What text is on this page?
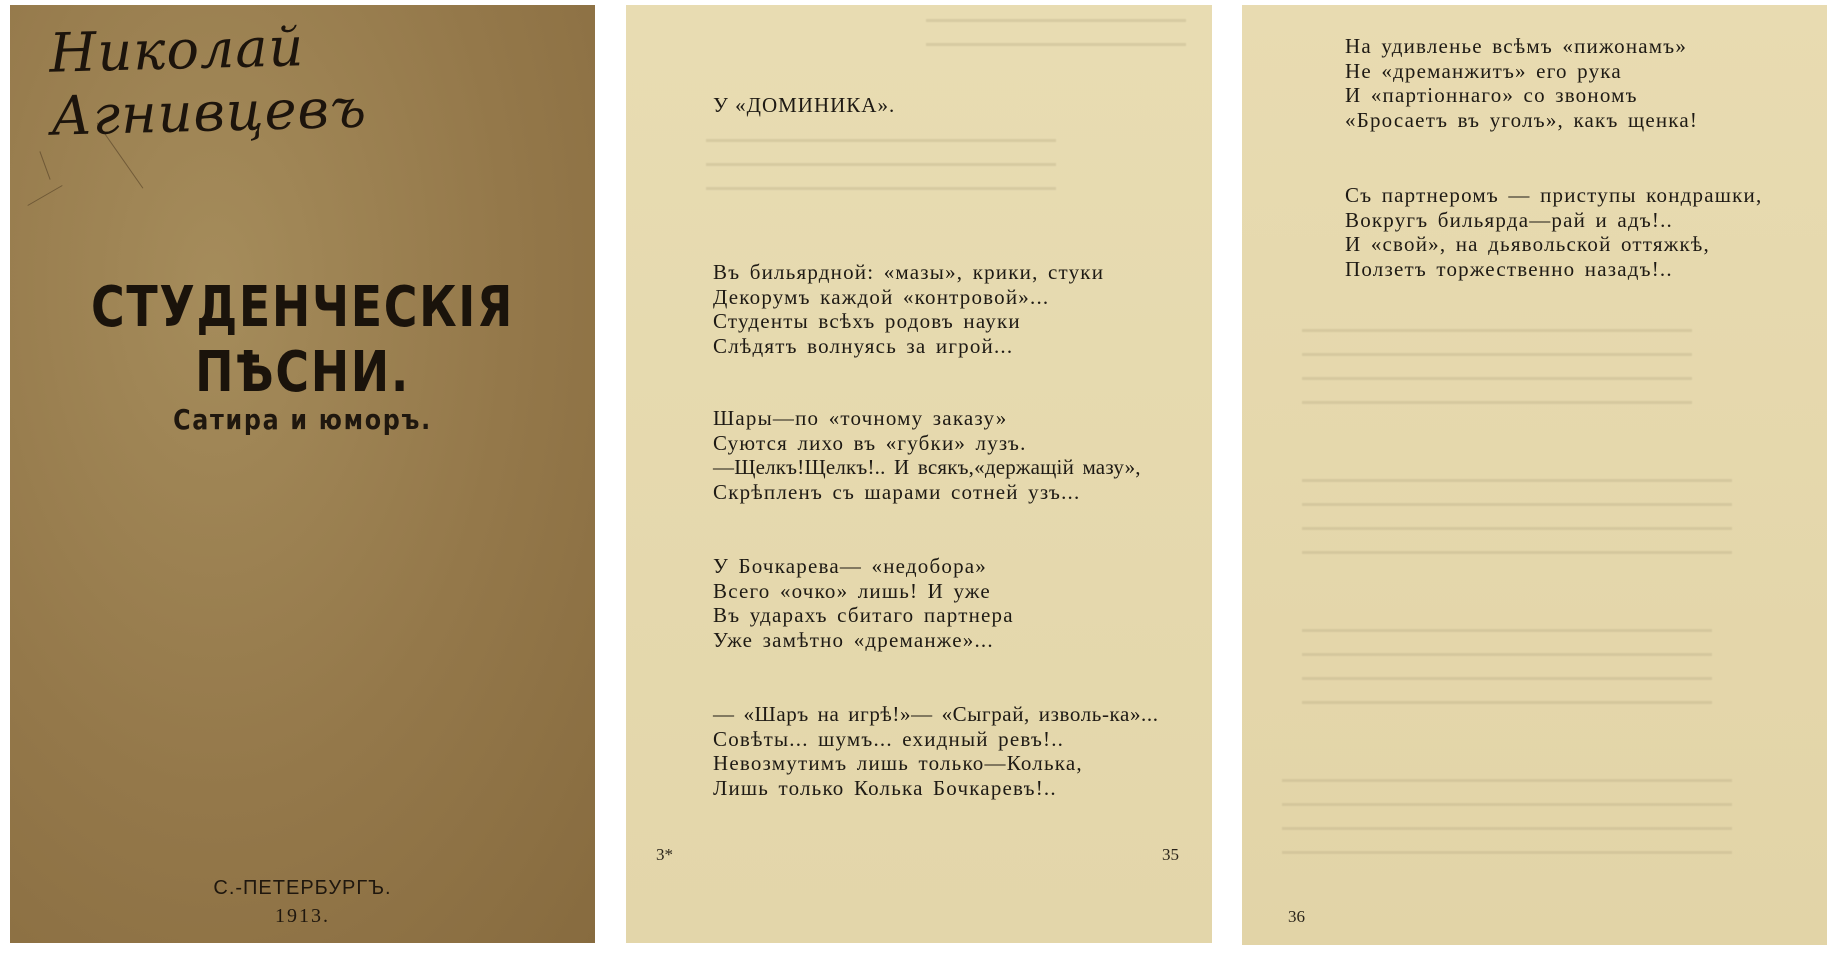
Николай Агнивцевъ
СТУДЕНЧЕСКІЯ ПѢСНИ.
Сатира и юморъ.
С.-ПЕТЕРБУРГЪ.
1913.
У «ДОМИНИКА».
Въ бильярдной: «мазы», крики, стуки
Декорумъ каждой «контровой»...
Студенты всѣхъ родовъ науки
Слѣдятъ волнуясь за игрой...
Шары—по «точному заказу»
Суются лихо въ «губки» лузъ.
—Щелкъ!Щелкъ!.. И всякъ,«держащій мазу»,
Скрѣпленъ съ шарами сотней узъ...
У Бочкарева— «недобора»
Всего «очко» лишь! И уже
Въ ударахъ сбитаго партнера
Уже замѣтно «дреманже»...
— «Шаръ на игрѣ!»— «Сыграй, изволь-ка»...
Совѣты... шумъ... ехидный ревъ!..
Невозмутимъ лишь только—Колька,
Лишь только Колька Бочкаревъ!..
3*	35
На удивленье всѣмъ «пижонамъ»
Не «дреманжитъ» его рука
И «партіоннаго» со звономъ
«Бросаетъ въ уголъ», какъ щенка!
Съ партнеромъ — приступы кондрашки,
Вокругъ бильярда—рай и адъ!..
И «свой», на дьявольской оттяжкѣ,
Ползетъ торжественно назадъ!..
36
